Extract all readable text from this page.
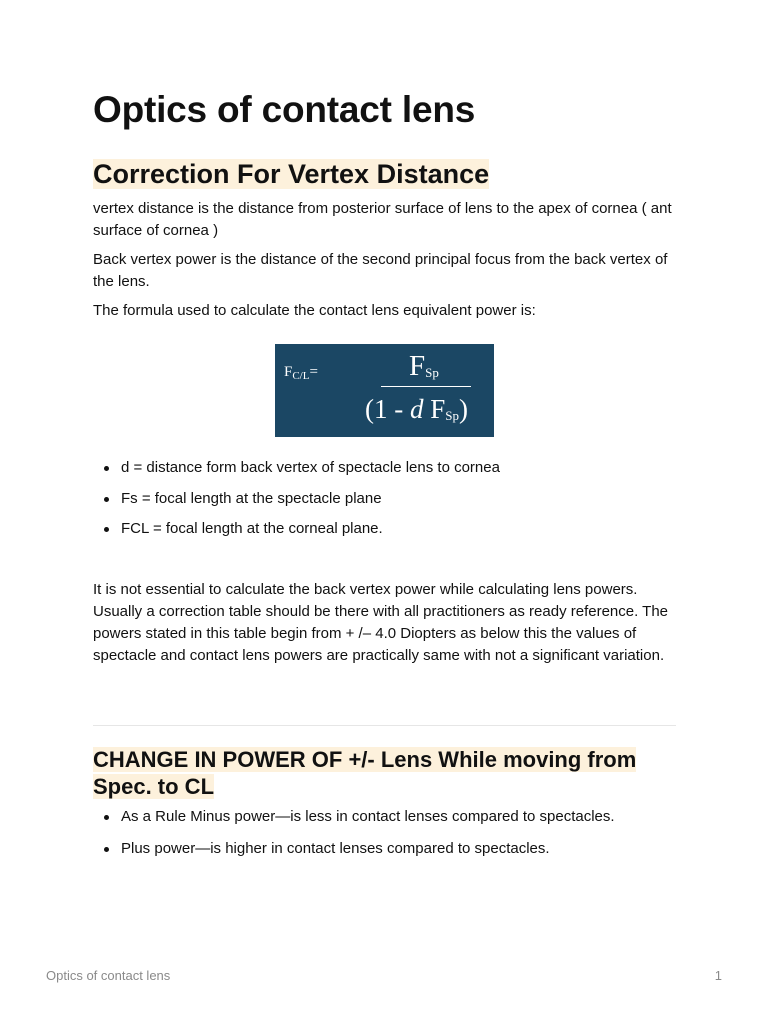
Optics of contact lens
Correction For Vertex Distance

vertex distance is the distance from posterior surface of lens to the apex of cornea ( ant surface of cornea )

Back vertex power is the distance of the second principal focus from the back vertex of the lens.

The formula used to calculate the contact lens equivalent power is:

$F_{C/L}=$	$F_{Sp}$
(1 - d $F_{Sp}$)
d = distance form back vertex of spectacle lens to cornea
Fs = focal length at the spectacle plane
FCL = focal length at the corneal plane.

It is not essential to calculate the back vertex power while calculating lens powers. Usually a correction table should be there with all practitioners as ready reference. The powers stated in this table begin from + /– 4.0 Diopters as below this the values of spectacle and contact lens powers are practically same with not a significant variation.

CHANGE IN POWER OF +/- Lens While moving from Spec. to CL
As a Rule Minus power—is less in contact lenses compared to spectacles.
Plus power—is higher in contact lenses compared to spectacles.
Optics of contact lens	1
